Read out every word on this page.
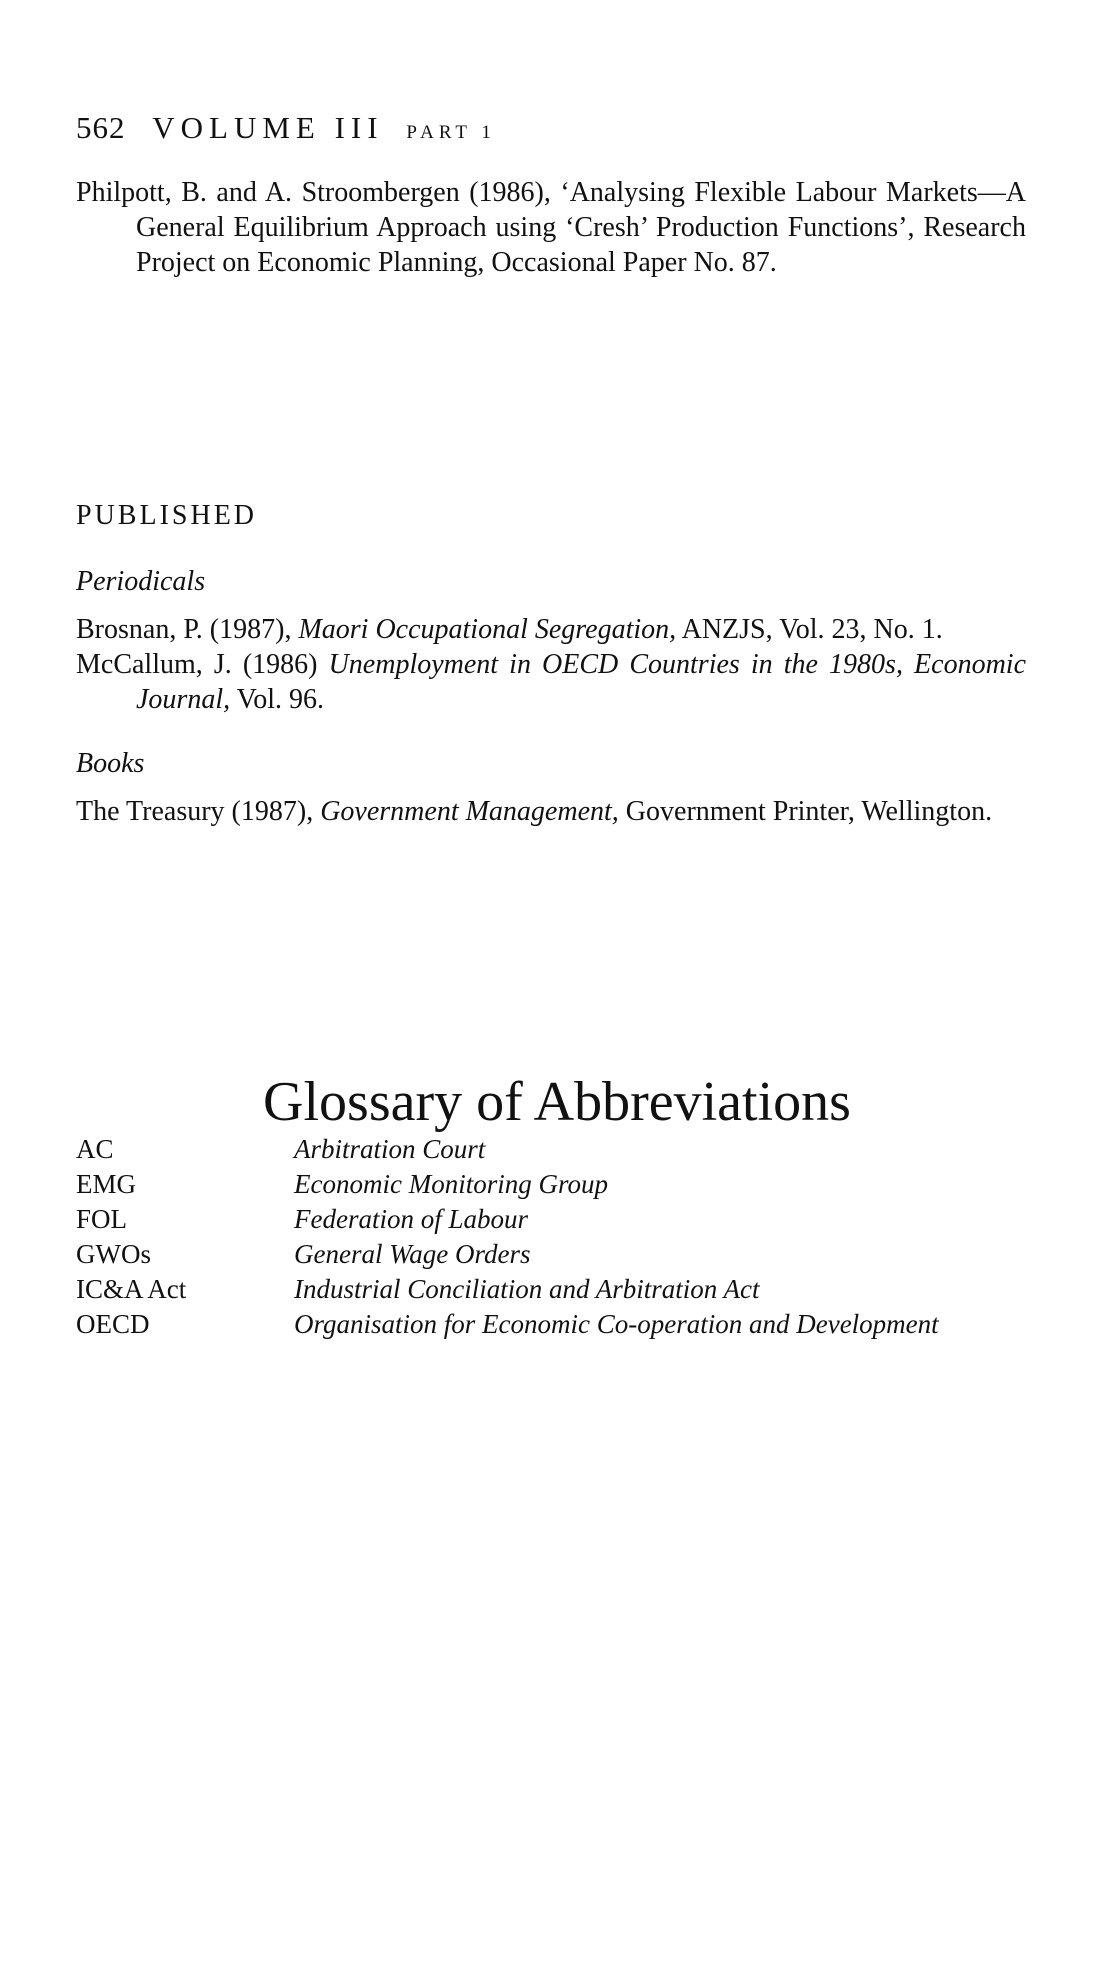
562 VOLUME III PART 1
Philpott, B. and A. Stroombergen (1986), ‘Analysing Flexible Labour Markets—A General Equilibrium Approach using ‘Cresh’ Production Functions’, Research Project on Economic Planning, Occasional Paper No. 87.
PUBLISHED
Periodicals
Brosnan, P. (1987), Maori Occupational Segregation, ANZJS, Vol. 23, No. 1.
McCallum, J. (1986) Unemployment in OECD Countries in the 1980s, Economic Journal, Vol. 96.
Books
The Treasury (1987), Government Management, Government Printer, Wellington.
Glossary of Abbreviations
AC	Arbitration Court
EMG	Economic Monitoring Group
FOL	Federation of Labour
GWOs	General Wage Orders
IC&A Act	Industrial Conciliation and Arbitration Act
OECD	Organisation for Economic Co-operation and Development
